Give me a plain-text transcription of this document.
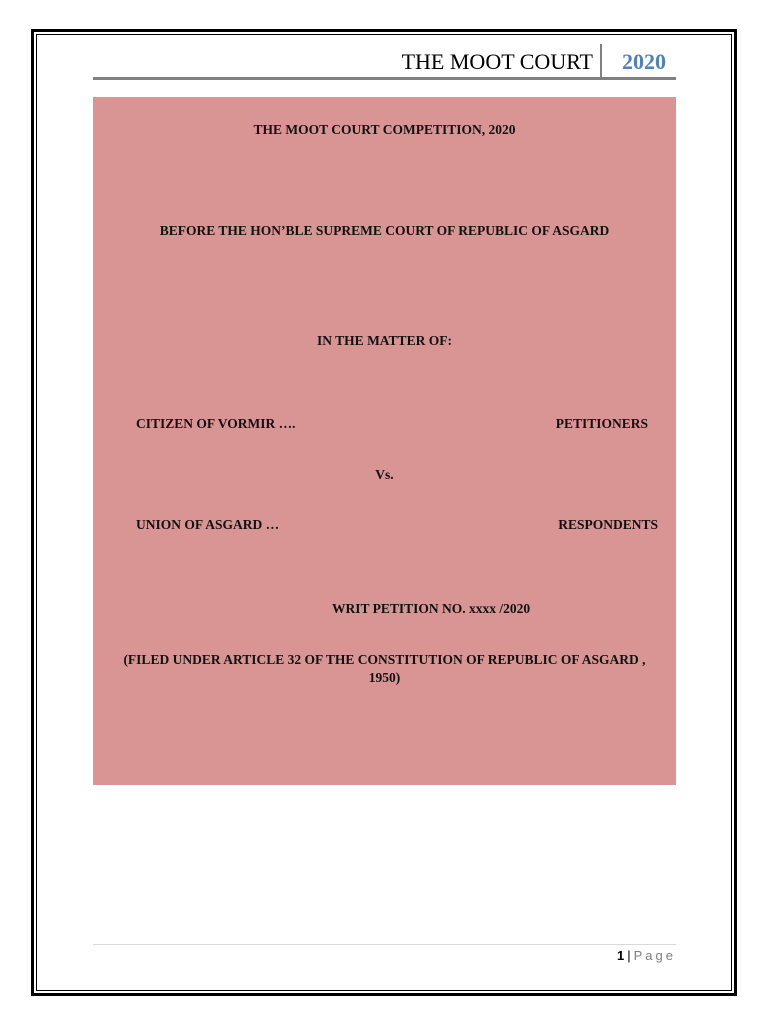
THE MOOT COURT 2020
THE MOOT COURT COMPETITION, 2020
BEFORE THE HON’BLE SUPREME COURT OF REPUBLIC OF ASGARD
IN THE MATTER OF:
CITIZEN OF VORMIR ….	PETITIONERS
Vs.
UNION OF ASGARD …	RESPONDENTS
WRIT PETITION NO. xxxx /2020
(FILED UNDER ARTICLE 32 OF THE CONSTITUTION OF REPUBLIC OF ASGARD , 1950)
1 | Page
